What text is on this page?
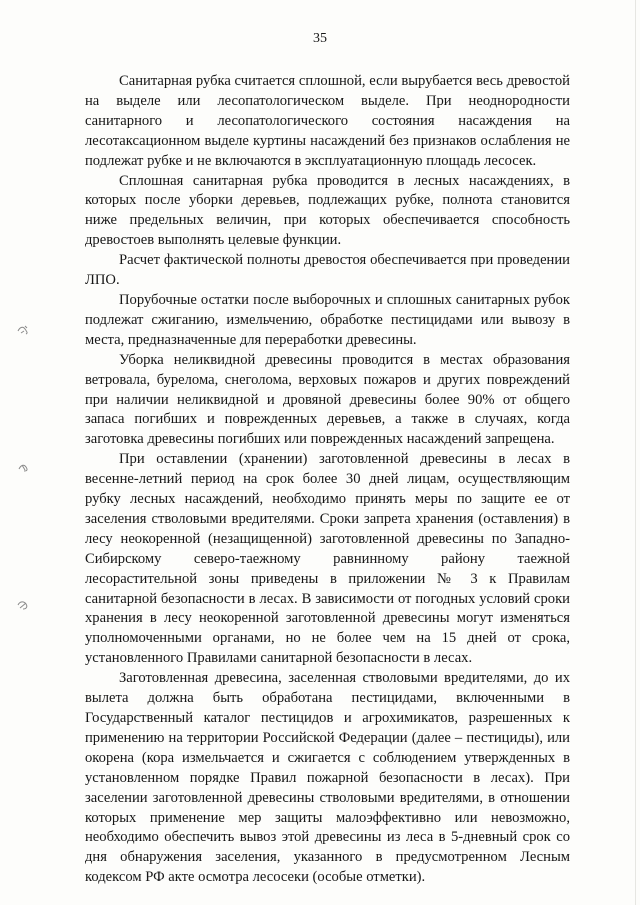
35

Санитарная рубка считается сплошной, если вырубается весь древостой на выделе или лесопатологическом выделе. При неоднородности санитарного и лесопатологического состояния насаждения на лесотаксационном выделе куртины насаждений без признаков ослабления не подлежат рубке и не включаются в эксплуатационную площадь лесосек.

Сплошная санитарная рубка проводится в лесных насаждениях, в которых после уборки деревьев, подлежащих рубке, полнота становится ниже предельных величин, при которых обеспечивается способность древостоев выполнять целевые функции.

Расчет фактической полноты древостоя обеспечивается при проведении ЛПО.

Порубочные остатки после выборочных и сплошных санитарных рубок подлежат сжиганию, измельчению, обработке пестицидами или вывозу в места, предназначенные для переработки древесины.

Уборка неликвидной древесины проводится в местах образования ветровала, бурелома, снеголома, верховых пожаров и других повреждений при наличии неликвидной и дровяной древесины более 90% от общего запаса погибших и поврежденных деревьев, а также в случаях, когда заготовка древесины погибших или поврежденных насаждений запрещена.

При оставлении (хранении) заготовленной древесины в лесах в весенне-летний период на срок более 30 дней лицам, осуществляющим рубку лесных насаждений, необходимо принять меры по защите ее от заселения стволовыми вредителями. Сроки запрета хранения (оставления) в лесу неокоренной (незащищенной) заготовленной древесины по Западно-Сибирскому северо-таежному равнинному району таежной лесорастительной зоны приведены в приложении № 3 к Правилам санитарной безопасности в лесах. В зависимости от погодных условий сроки хранения в лесу неокоренной заготовленной древесины могут изменяться уполномоченными органами, но не более чем на 15 дней от срока, установленного Правилами санитарной безопасности в лесах.

Заготовленная древесина, заселенная стволовыми вредителями, до их вылета должна быть обработана пестицидами, включенными в Государственный каталог пестицидов и агрохимикатов, разрешенных к применению на территории Российской Федерации (далее – пестициды), или окорена (кора измельчается и сжигается с соблюдением утвержденных в установленном порядке Правил пожарной безопасности в лесах). При заселении заготовленной древесины стволовыми вредителями, в отношении которых применение мер защиты малоэффективно или невозможно, необходимо обеспечить вывоз этой древесины из леса в 5-дневный срок со дня обнаружения заселения, указанного в предусмотренном Лесным кодексом РФ акте осмотра лесосеки (особые отметки).
